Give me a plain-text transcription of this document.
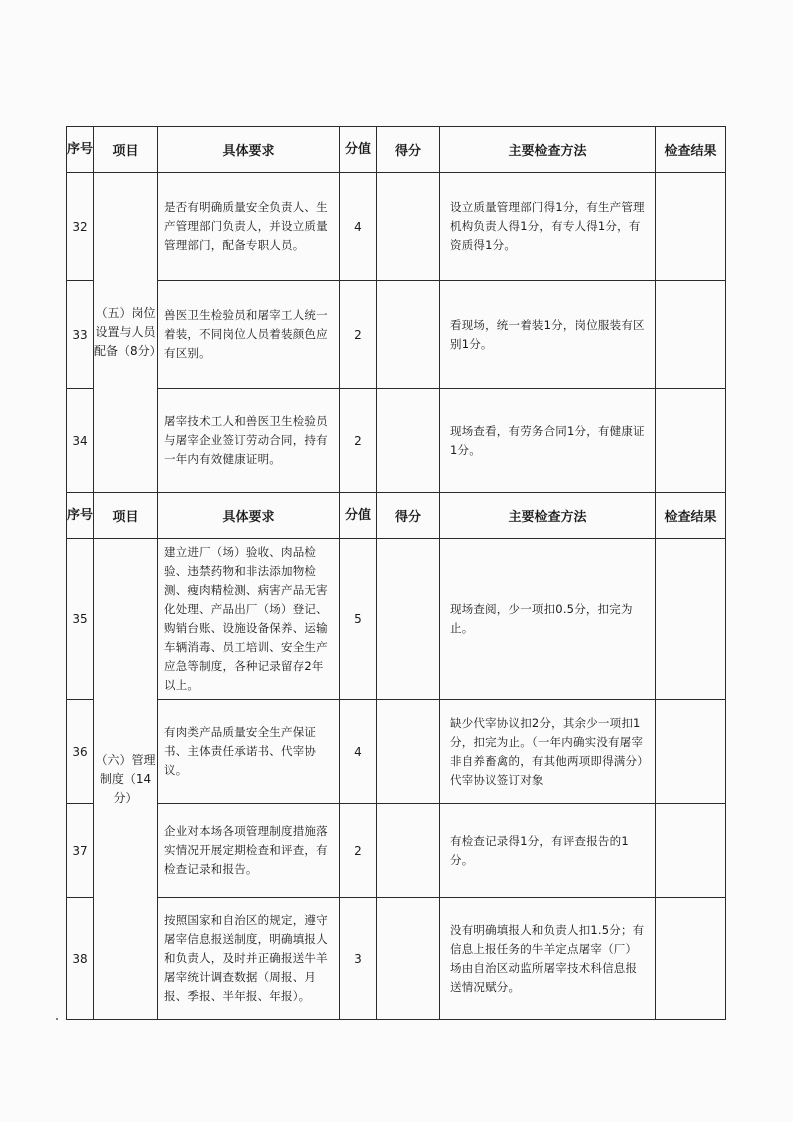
序号	项目	具体要求	分值	得分	主要检查方法	检查结果
32	（五）岗位设置与人员配备（8分）	是否有明确质量安全负责人、生产管理部门负责人，并设立质量管理部门，配备专职人员。	4		设立质量管理部门得1分，有生产管理机构负责人得1分，有专人得1分，有资质得1分。	
33		兽医卫生检验员和屠宰工人统一着装，不同岗位人员着装颜色应有区别。	2		看现场，统一着装1分，岗位服装有区别1分。	
34		屠宰技术工人和兽医卫生检验员与屠宰企业签订劳动合同，持有一年内有效健康证明。	2		现场查看，有劳务合同1分，有健康证1分。	
序号	项目	具体要求	分值	得分	主要检查方法	检查结果
35	（六）管理制度（14分）	建立进厂（场）验收、肉品检验、违禁药物和非法添加物检测、瘦肉精检测、病害产品无害化处理、产品出厂（场）登记、购销台账、设施设备保养、运输车辆消毒、员工培训、安全生产应急等制度，各种记录留存2年以上。	5		现场查阅，少一项扣0.5分，扣完为止。	
36		有肉类产品质量安全生产保证书、主体责任承诺书、代宰协议。	4		缺少代宰协议扣2分，其余少一项扣1分，扣完为止。（一年内确实没有屠宰非自养畜禽的，有其他两项即得满分）代宰协议签订对象	
37		企业对本场各项管理制度措施落实情况开展定期检查和评查，有检查记录和报告。	2		有检查记录得1分，有评查报告的1分。	
38		按照国家和自治区的规定，遵守屠宰信息报送制度，明确填报人和负责人，及时并正确报送牛羊屠宰统计调查数据（周报、月报、季报、半年报、年报）。	3		没有明确填报人和负责人扣1.5分；有信息上报任务的牛羊定点屠宰（厂）场由自治区动监所屠宰技术科信息报送情况赋分。	
